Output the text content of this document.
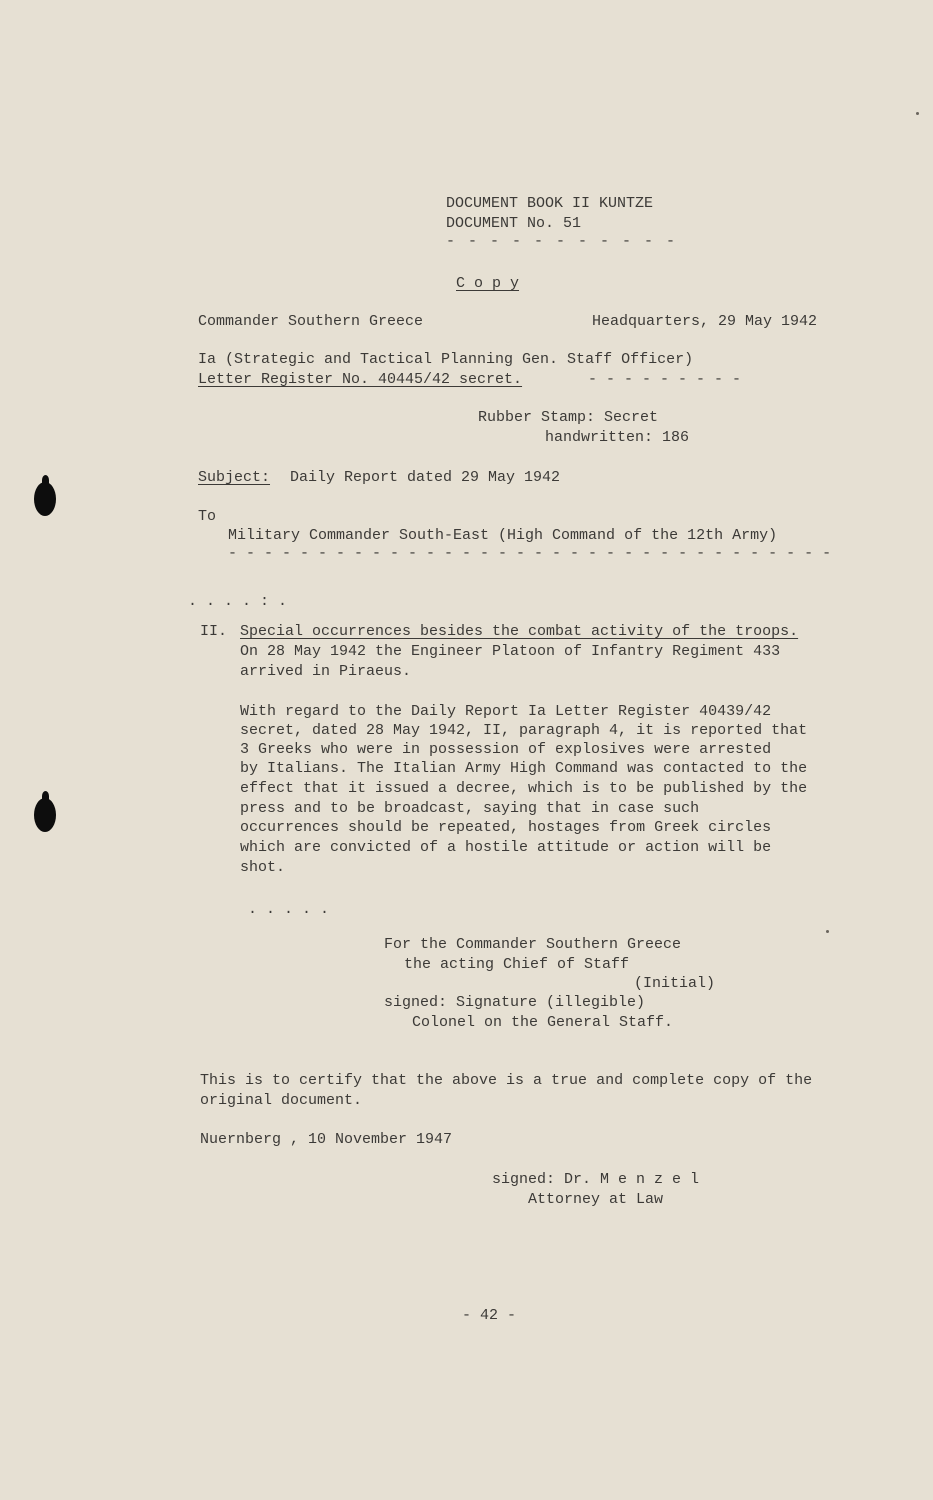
DOCUMENT BOOK II KUNTZE
DOCUMENT No. 51
- - - - - - - - - - -
C o p y
Commander Southern Greece	Headquarters, 29 May 1942
Ia (Strategic and Tactical Planning Gen. Staff Officer)
Letter Register No. 40445/42 secret.	- - - - - - - - -
Rubber Stamp: Secret
handwritten: 186
Subject: Daily Report dated 29 May 1942
To
Military Commander South-East (High Command of the 12th Army)
- - - - - - - - - - - - - - - - - - - - - - - - - - - - - - - - - -
. . . . : .
II. Special occurrences besides the combat activity of the troops.
On 28 May 1942 the Engineer Platoon of Infantry Regiment 433
arrived in Piraeus.
With regard to the Daily Report Ia Letter Register 40439/42
secret, dated 28 May 1942, II, paragraph 4, it is reported that
3 Greeks who were in possession of explosives were arrested
by Italians. The Italian Army High Command was contacted to the
effect that it issued a decree, which is to be published by the
press and to be broadcast, saying that in case such
occurrences should be repeated, hostages from Greek circles
which are convicted of a hostile attitude or action will be
shot.
. . . . .
For the Commander Southern Greece
the acting Chief of Staff
(Initial)
signed: Signature (illegible)
Colonel on the General Staff.
This is to certify that the above is a true and complete copy of the
original document.
Nuernberg , 10 November 1947
signed: Dr. M e n z e l
Attorney at Law
- 42 -
